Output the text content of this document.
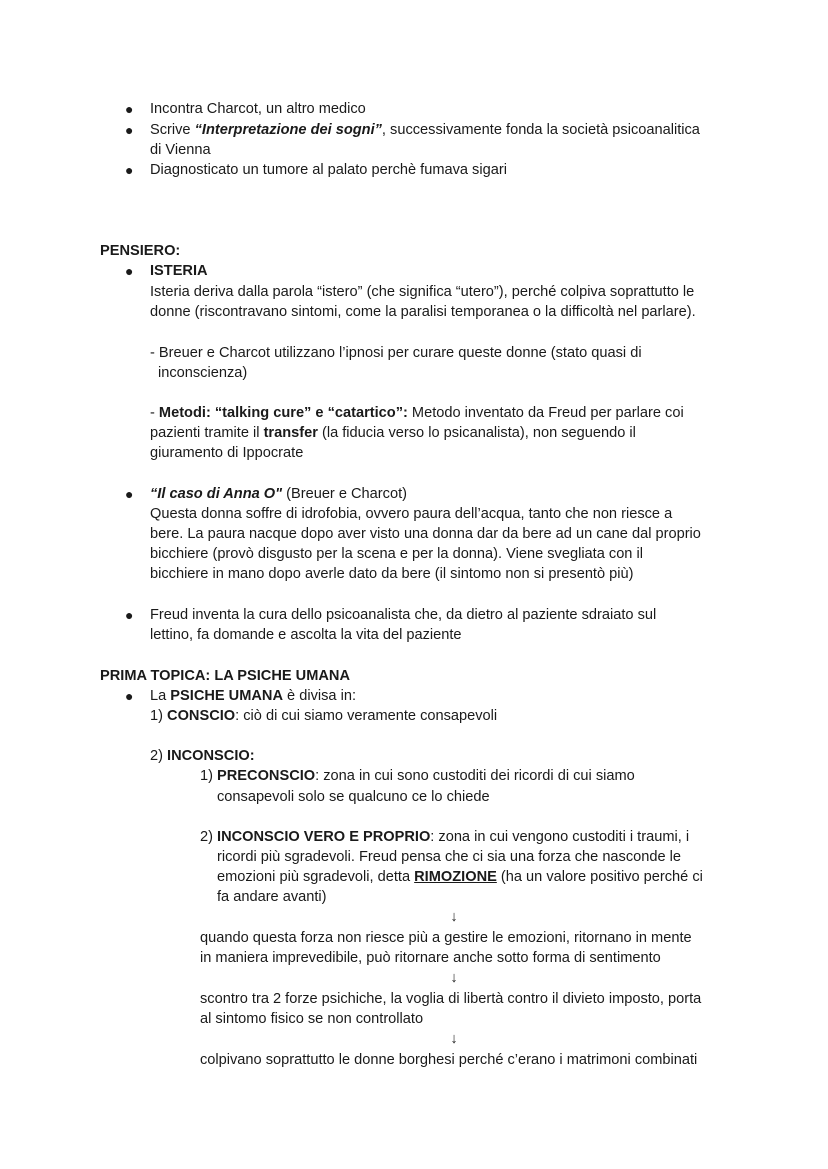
● Incontra Charcot, un altro medico
● Scrive “Interpretazione dei sogni”, successivamente fonda la società psicoanalitica
di Vienna
● Diagnosticato un tumore al palato perchè fumava sigari
PENSIERO:
● ISTERIA
Isteria deriva dalla parola “istero” (che significa “utero”), perché colpiva soprattutto le
donne (riscontravano sintomi, come la paralisi temporanea o la difficoltà nel parlare).
- Breuer e Charcot utilizzano l’ipnosi per curare queste donne (stato quasi di
inconscienza)
- Metodi: “talking cure” e “catartico”: Metodo inventato da Freud per parlare coi
pazienti tramite il transfer (la fiducia verso lo psicanalista), non seguendo il
giuramento di Ippocrate
● “Il caso di Anna O" (Breuer e Charcot)
Questa donna soffre di idrofobia, ovvero paura dell’acqua, tanto che non riesce a
bere. La paura nacque dopo aver visto una donna dar da bere ad un cane dal proprio
bicchiere (provò disgusto per la scena e per la donna). Viene svegliata con il
bicchiere in mano dopo averle dato da bere (il sintomo non si presentò più)
● Freud inventa la cura dello psicoanalista che, da dietro al paziente sdraiato sul
lettino, fa domande e ascolta la vita del paziente
PRIMA TOPICA: LA PSICHE UMANA
● La PSICHE UMANA è divisa in:
1) CONSCIO: ciò di cui siamo veramente consapevoli
2) INCONSCIO:
1) PRECONSCIO: zona in cui sono custoditi dei ricordi di cui siamo
consapevoli solo se qualcuno ce lo chiede
2) INCONSCIO VERO E PROPRIO: zona in cui vengono custoditi i traumi, i
ricordi più sgradevoli. Freud pensa che ci sia una forza che nasconde le
emozioni più sgradevoli, detta RIMOZIONE (ha un valore positivo perché ci
fa andare avanti)
↓
quando questa forza non riesce più a gestire le emozioni, ritornano in mente
in maniera imprevedibile, può ritornare anche sotto forma di sentimento
↓
scontro tra 2 forze psichiche, la voglia di libertà contro il divieto imposto, porta
al sintomo fisico se non controllato
↓
colpivano soprattutto le donne borghesi perché c’erano i matrimoni combinati
